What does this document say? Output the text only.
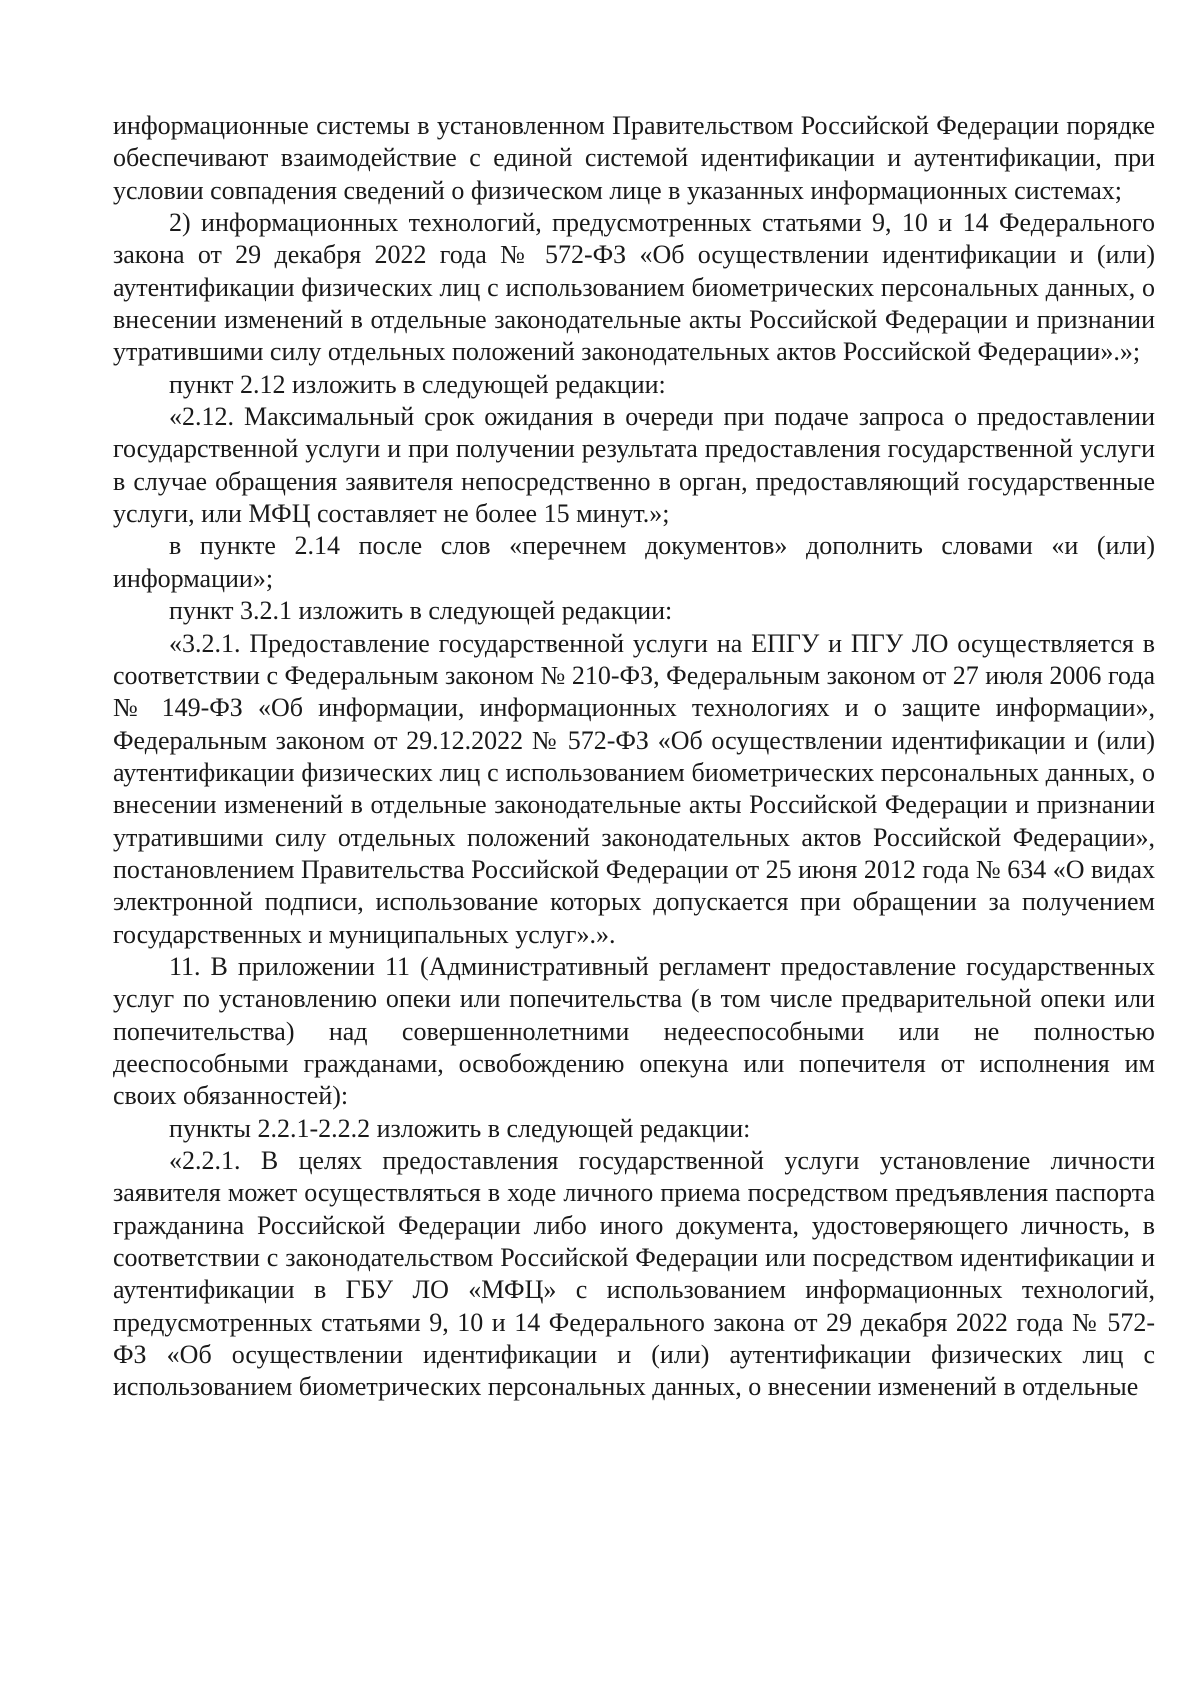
информационные системы в установленном Правительством Российской Федерации порядке обеспечивают взаимодействие с единой системой идентификации и аутентификации, при условии совпадения сведений о физическом лице в указанных информационных системах;

2) информационных технологий, предусмотренных статьями 9, 10 и 14 Федерального закона от 29 декабря 2022 года № 572-ФЗ «Об осуществлении идентификации и (или) аутентификации физических лиц с использованием биометрических персональных данных, о внесении изменений в отдельные законодательные акты Российской Федерации и признании утратившими силу отдельных положений законодательных актов Российской Федерации».»;

пункт 2.12 изложить в следующей редакции:

«2.12. Максимальный срок ожидания в очереди при подаче запроса о предоставлении государственной услуги и при получении результата предоставления государственной услуги в случае обращения заявителя непосредственно в орган, предоставляющий государственные услуги, или МФЦ составляет не более 15 минут.»;

в пункте 2.14 после слов «перечнем документов» дополнить словами «и (или) информации»;

пункт 3.2.1 изложить в следующей редакции:

«3.2.1. Предоставление государственной услуги на ЕПГУ и ПГУ ЛО осуществляется в соответствии с Федеральным законом № 210-ФЗ, Федеральным законом от 27 июля 2006 года № 149-ФЗ «Об информации, информационных технологиях и о защите информации», Федеральным законом от 29.12.2022 № 572-ФЗ «Об осуществлении идентификации и (или) аутентификации физических лиц с использованием биометрических персональных данных, о внесении изменений в отдельные законодательные акты Российской Федерации и признании утратившими силу отдельных положений законодательных актов Российской Федерации», постановлением Правительства Российской Федерации от 25 июня 2012 года № 634 «О видах электронной подписи, использование которых допускается при обращении за получением государственных и муниципальных услуг».».

11. В приложении 11 (Административный регламент предоставление государственных услуг по установлению опеки или попечительства (в том числе предварительной опеки или попечительства) над совершеннолетними недееспособными или не полностью дееспособными гражданами, освобождению опекуна или попечителя от исполнения им своих обязанностей):

пункты 2.2.1-2.2.2 изложить в следующей редакции:

«2.2.1. В целях предоставления государственной услуги установление личности заявителя может осуществляться в ходе личного приема посредством предъявления паспорта гражданина Российской Федерации либо иного документа, удостоверяющего личность, в соответствии с законодательством Российской Федерации или посредством идентификации и аутентификации в ГБУ ЛО «МФЦ» с использованием информационных технологий, предусмотренных статьями 9, 10 и 14 Федерального закона от 29 декабря 2022 года № 572-ФЗ «Об осуществлении идентификации и (или) аутентификации физических лиц с использованием биометрических персональных данных, о внесении изменений в отдельные
